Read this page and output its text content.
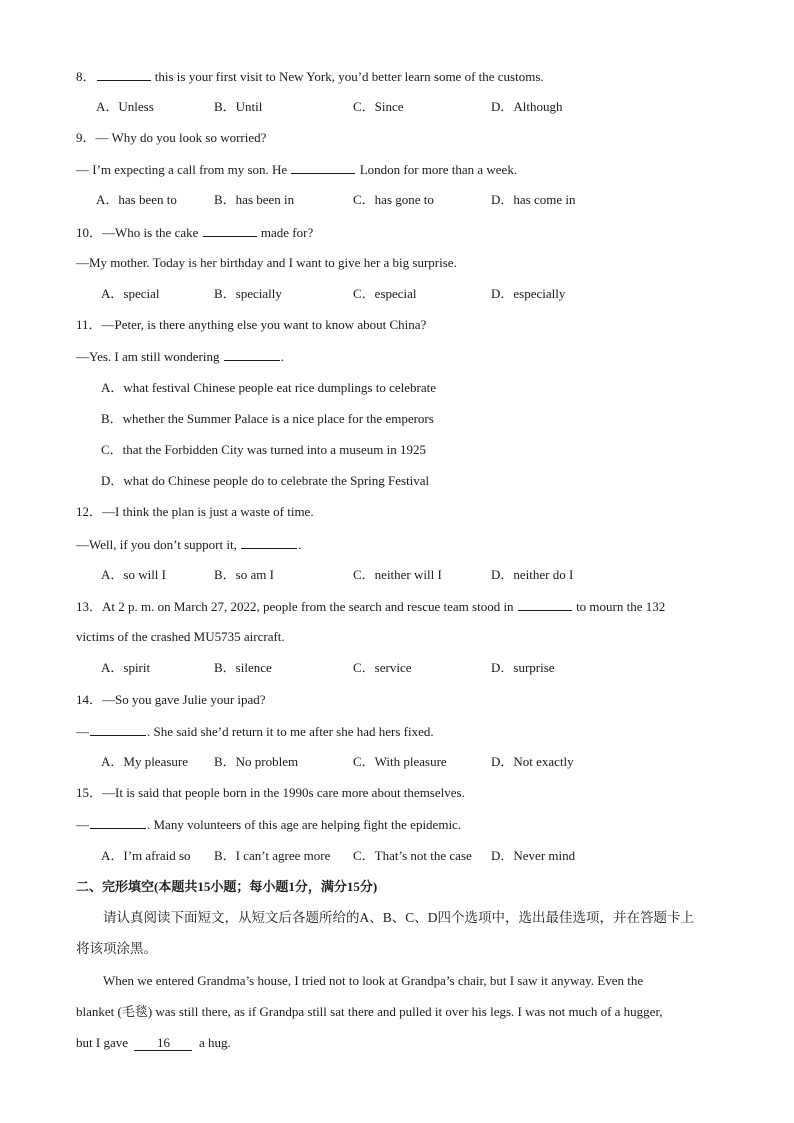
8．	this is your first visit to New York, you’d better learn some of the customs.
A．Unless	B．Until	C．Since	D．Although
9．— Why do you look so worried?
— I’m expecting a call from my son. He	London for more than a week.
A．has been to	B．has been in	C．has gone to	D．has come in
10．—Who is the cake	made for?
—My mother. Today is her birthday and I want to give her a big surprise.
A．special	B．specially	C．especial	D．especially
11．—Peter, is there anything else you want to know about China?
—Yes. I am still wondering	.
A．what festival Chinese people eat rice dumplings to celebrate
B．whether the Summer Palace is a nice place for the emperors
C．that the Forbidden City was turned into a museum in 1925
D．what do Chinese people do to celebrate the Spring Festival
12．—I think the plan is just a waste of time.
—Well, if you don’t support it,	.
A．so will I	B．so am I	C．neither will I	D．neither do I
13．At 2 p. m. on March 27, 2022, people from the search and rescue team stood in	to mourn the 132
victims of the crashed MU5735 aircraft.
A．spirit	B．silence	C．service	D．surprise
14．—So you gave Julie your ipad?
—	. She said she’d return it to me after she had hers fixed.
A．My pleasure B．No problem	C．With pleasure	D．Not exactly
15．—It is said that people born in the 1990s care more about themselves.
—	. Many volunteers of this age are helping fight the epidemic.
A．I’m afraid so B．I can’t agree more C．That’s not the case D．Never mind
二、完形填空(本题共15小题；每小题1分，满分15分)
请认真阅读下面短文，从短文后各题所给的A、B、C、D四个选项中，选出最佳选项，并在答题卡上
将该项涂黑。
When we entered Grandma’s house, I tried not to look at Grandpa’s chair, but I saw it anyway. Even the
blanket (毛毯) was still there, as if Grandpa still sat there and pulled it over his legs. I was not much of a hugger,
but I gave 16 a hug.
